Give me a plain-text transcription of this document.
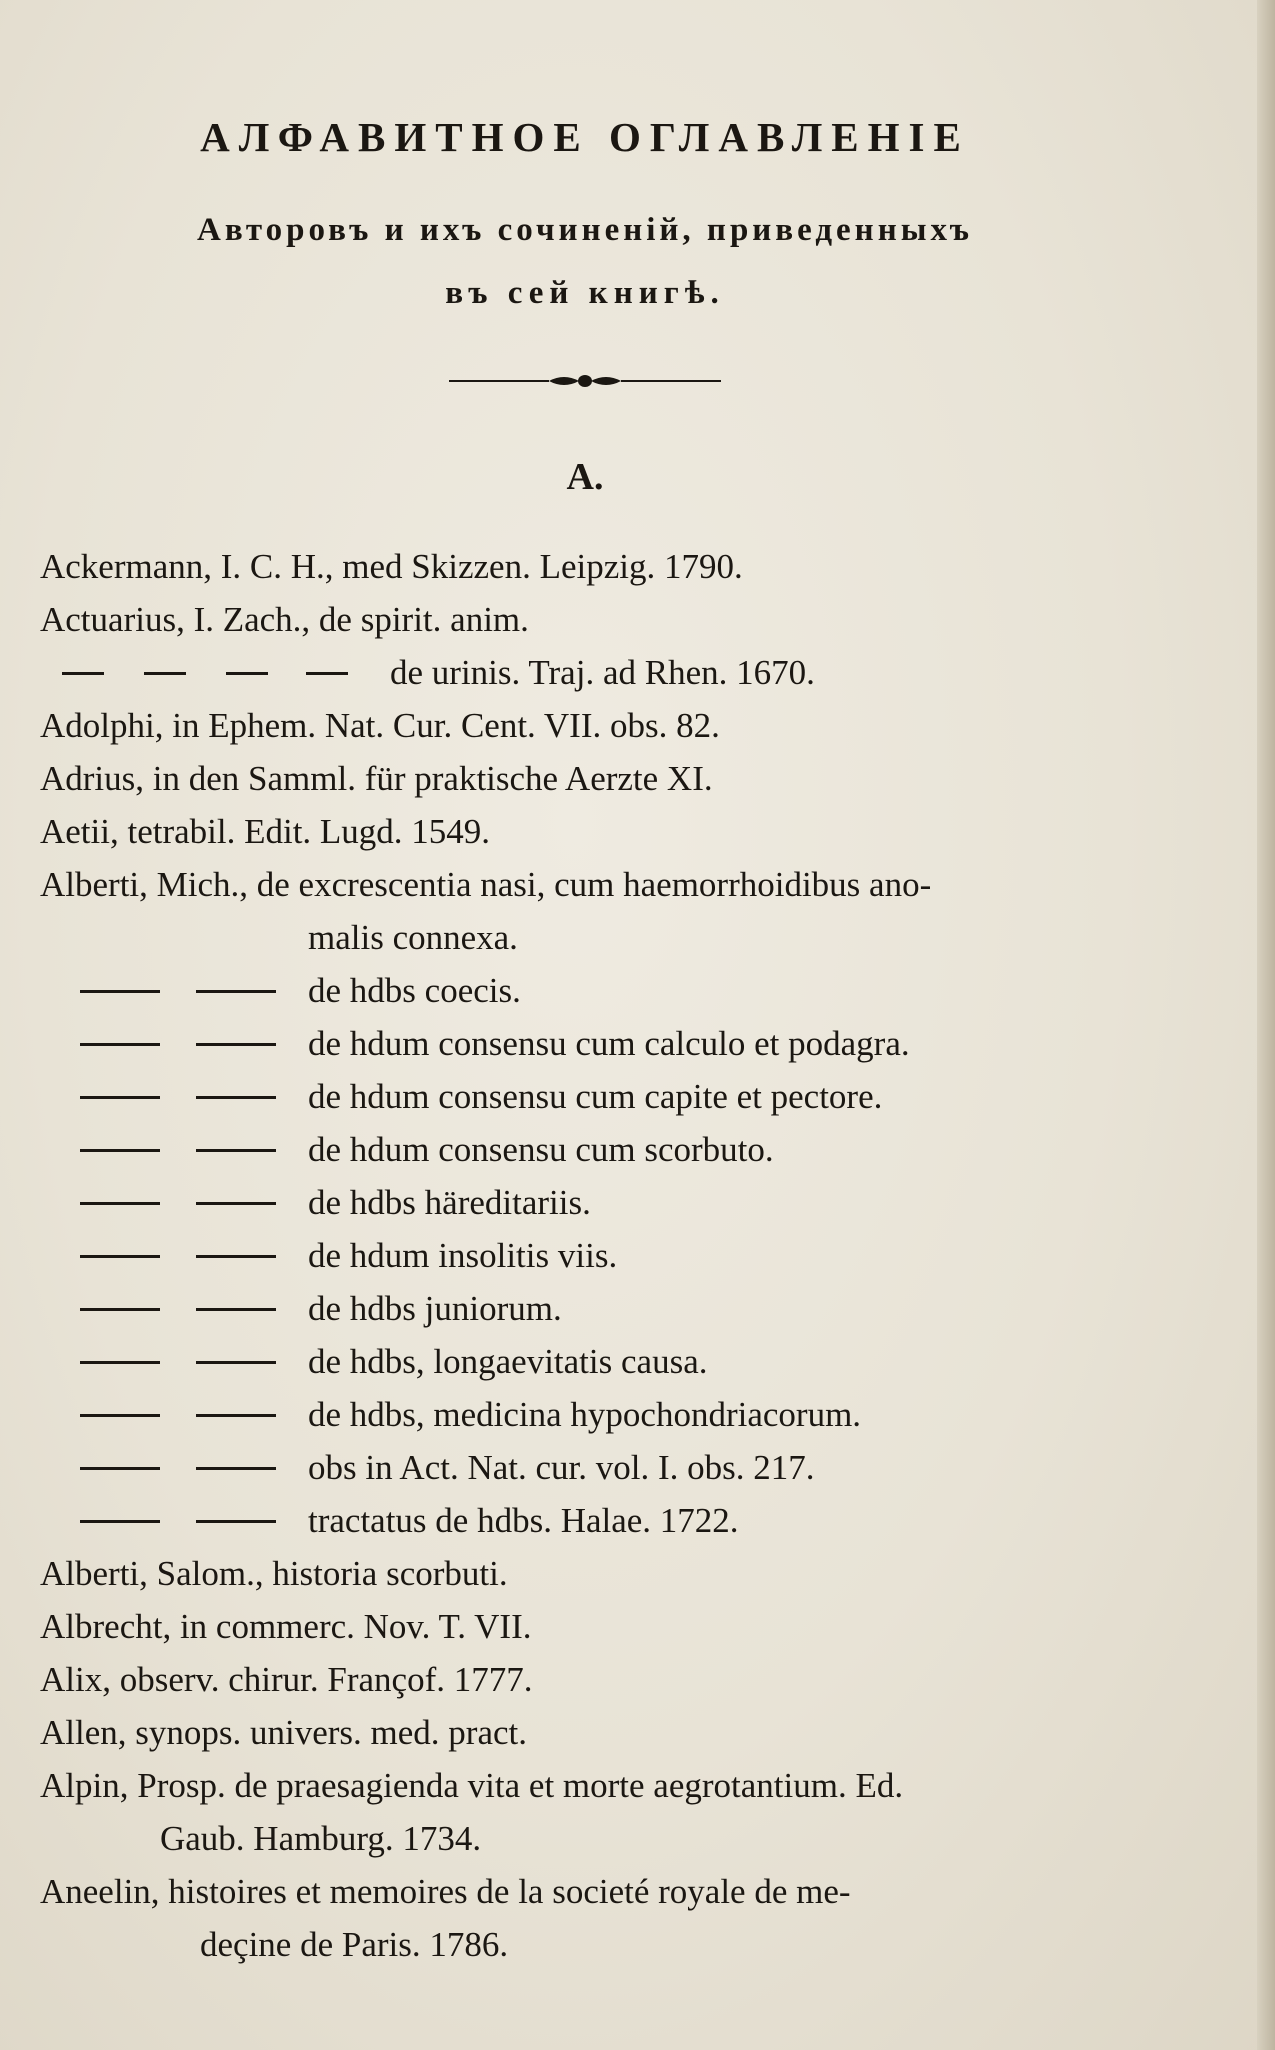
АЛФАВИТНОЕ ОГЛАВЛЕНІЕ
Авторовъ и ихъ сочиненій, приведенныхъ
въ сей книгѣ.
A.
Ackermann, I. C. H., med Skizzen. Leipzig. 1790.
Actuarius, I. Zach., de spirit. anim.
de urinis. Traj. ad Rhen. 1670.
Adolphi, in Ephem. Nat. Cur. Cent. VII. obs. 82.
Adrius, in den Samml. für praktische Aerzte XI.
Aetii, tetrabil. Edit. Lugd. 1549.
Alberti, Mich., de excrescentia nasi, cum haemorrhoidibus ano-
malis connexa.
de hdbs coecis.
de hdum consensu cum calculo et podagra.
de hdum consensu cum capite et pectore.
de hdum consensu cum scorbuto.
de hdbs häreditariis.
de hdum insolitis viis.
de hdbs juniorum.
de hdbs, longaevitatis causa.
de hdbs, medicina hypochondriacorum.
obs in Act. Nat. cur. vol. I. obs. 217.
tractatus de hdbs. Halae. 1722.
Alberti, Salom., historia scorbuti.
Albrecht, in commerc. Nov. T. VII.
Alix, observ. chirur. Françof. 1777.
Allen, synops. univers. med. pract.
Alpin, Prosp. de praesagienda vita et morte aegrotantium. Ed.
Gaub. Hamburg. 1734.
Aneelin, histoires et memoires de la societé royale de me-
deçine de Paris. 1786.
